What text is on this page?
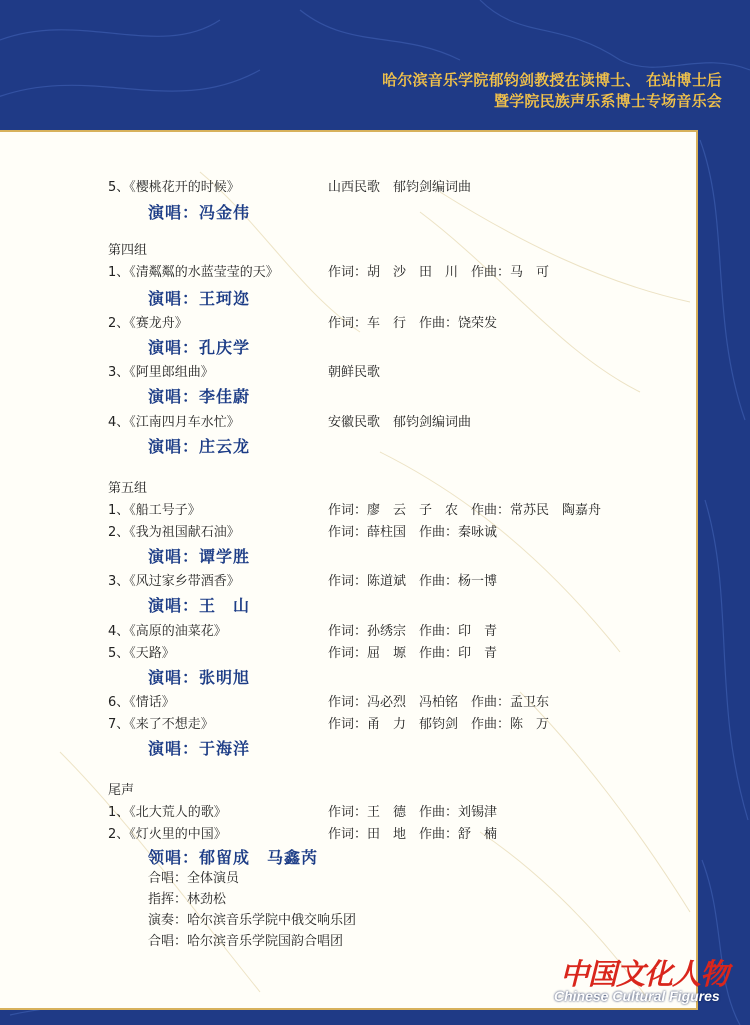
哈尔滨音乐学院郁钧剑教授在读博士、 在站博士后
暨学院民族声乐系博士专场音乐会
5、《樱桃花开的时候》	山西民歌　郁钧剑编词曲
演唱：冯金伟
第四组
1、《清粼粼的水蓝莹莹的天》	作词：胡　沙　田　川　作曲：马　可
演唱：王珂迩
2、《赛龙舟》	作词：车　行　作曲：饶荣发
演唱：孔庆学
3、《阿里郎组曲》	朝鲜民歌
演唱：李佳蔚
4、《江南四月车水忙》	安徽民歌　郁钧剑编词曲
演唱：庄云龙
第五组
1、《船工号子》	作词：廖　云　子　农　作曲：常苏民　陶嘉舟
2、《我为祖国献石油》	作词：薛柱国　作曲：秦咏诚
演唱：谭学胜
3、《风过家乡带酒香》	作词：陈道斌　作曲：杨一博
演唱：王　山
4、《高原的油菜花》	作词：孙绣宗　作曲：印　青
5、《天路》	作词：屈　塬　作曲：印　青
演唱：张明旭
6、《情话》	作词：冯必烈　冯柏铭　作曲：孟卫东
7、《来了不想走》	作词：甬　力　郁钧剑　作曲：陈　万
演唱：于海洋
尾声
1、《北大荒人的歌》	作词：王　德　作曲：刘锡津
2、《灯火里的中国》	作词：田　地　作曲：舒　楠
领唱：郁留成　马鑫芮
合唱：全体演员
指挥：林劲松
演奏：哈尔滨音乐学院中俄交响乐团
合唱：哈尔滨音乐学院国韵合唱团
中国文化人物
Chinese Cultural Figures
